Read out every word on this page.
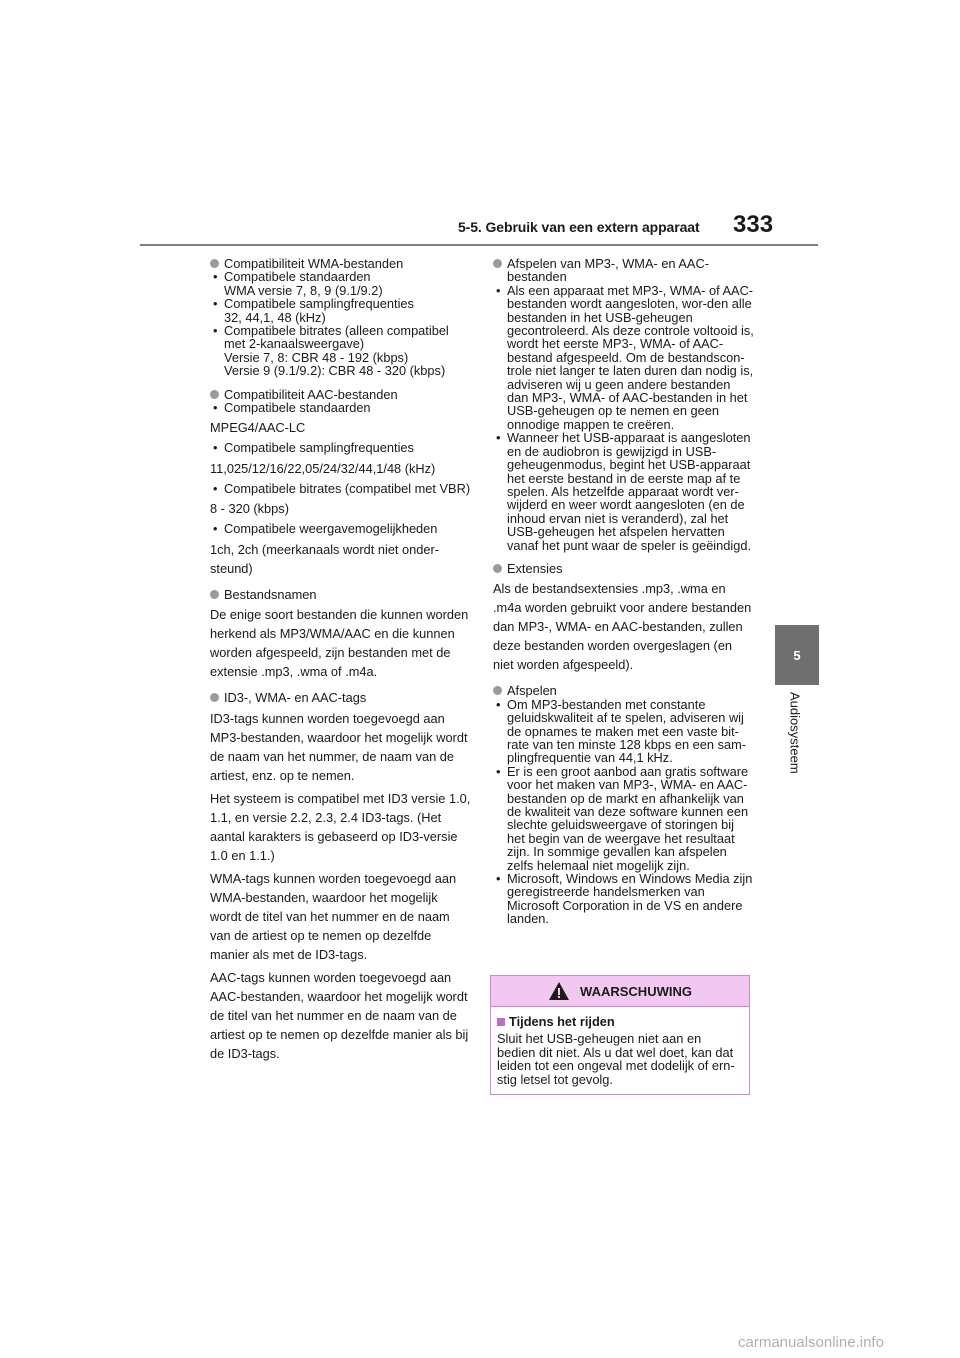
5-5. Gebruik van een extern apparaat 333
5
Audiosysteem
Compatibiliteit WMA-bestanden
• Compatibele standaarden
WMA versie 7, 8, 9 (9.1/9.2)
• Compatibele samplingfrequenties
32, 44,1, 48 (kHz)
• Compatibele bitrates (alleen compatibel met 2-kanaalsweergave)
Versie 7, 8: CBR 48 - 192 (kbps)
Versie 9 (9.1/9.2): CBR 48 - 320 (kbps)
Compatibiliteit AAC-bestanden
• Compatibele standaarden
MPEG4/AAC-LC
• Compatibele samplingfrequenties
11,025/12/16/22,05/24/32/44,1/48 (kHz)
• Compatibele bitrates (compatibel met VBR)
8 - 320 (kbps)
• Compatibele weergavemogelijkheden
1ch, 2ch (meerkanaals wordt niet onder-steund)
Bestandsnamen
De enige soort bestanden die kunnen worden herkend als MP3/WMA/AAC en die kunnen worden afgespeeld, zijn bestanden met de extensie .mp3, .wma of .m4a.
ID3-, WMA- en AAC-tags
ID3-tags kunnen worden toegevoegd aan MP3-bestanden, waardoor het mogelijk wordt de naam van het nummer, de naam van de artiest, enz. op te nemen.
Het systeem is compatibel met ID3 versie 1.0, 1.1, en versie 2.2, 2.3, 2.4 ID3-tags. (Het aantal karakters is gebaseerd op ID3-versie 1.0 en 1.1.)
WMA-tags kunnen worden toegevoegd aan WMA-bestanden, waardoor het mogelijk wordt de titel van het nummer en de naam van de artiest op te nemen op dezelfde manier als met de ID3-tags.
AAC-tags kunnen worden toegevoegd aan AAC-bestanden, waardoor het mogelijk wordt de titel van het nummer en de naam van de artiest op te nemen op dezelfde manier als bij de ID3-tags.
Afspelen van MP3-, WMA- en AAC-bestanden
• Als een apparaat met MP3-, WMA- of AAC-bestanden wordt aangesloten, wor-den alle bestanden in het USB-geheugen gecontroleerd. Als deze controle voltooid is, wordt het eerste MP3-, WMA- of AAC-bestand afgespeeld. Om de bestandscon-trole niet langer te laten duren dan nodig is, adviseren wij u geen andere bestanden dan MP3-, WMA- of AAC-bestanden in het USB-geheugen op te nemen en geen onnodige mappen te creëren.
• Wanneer het USB-apparaat is aangesloten en de audiobron is gewijzigd in USB-geheugenmodus, begint het USB-apparaat het eerste bestand in de eerste map af te spelen. Als hetzelfde apparaat wordt ver-wijderd en weer wordt aangesloten (en de inhoud ervan niet is veranderd), zal het USB-geheugen het afspelen hervatten vanaf het punt waar de speler is geëindigd.
Extensies
Als de bestandsextensies .mp3, .wma en .m4a worden gebruikt voor andere bestanden dan MP3-, WMA- en AAC-bestanden, zullen deze bestanden worden overgeslagen (en niet worden afgespeeld).
Afspelen
• Om MP3-bestanden met constante geluidskwaliteit af te spelen, adviseren wij de opnames te maken met een vaste bit-rate van ten minste 128 kbps en een sam-plingfrequentie van 44,1 kHz.
• Er is een groot aanbod aan gratis software voor het maken van MP3-, WMA- en AAC-bestanden op de markt en afhankelijk van de kwaliteit van deze software kunnen een slechte geluidsweergave of storingen bij het begin van de weergave het resultaat zijn. In sommige gevallen kan afspelen zelfs helemaal niet mogelijk zijn.
• Microsoft, Windows en Windows Media zijn geregistreerde handelsmerken van Microsoft Corporation in de VS en andere landen.
WAARSCHUWING
Tijdens het rijden
Sluit het USB-geheugen niet aan en bedien dit niet. Als u dat wel doet, kan dat leiden tot een ongeval met dodelijk of ern-stig letsel tot gevolg.
carmanualsonline.info
